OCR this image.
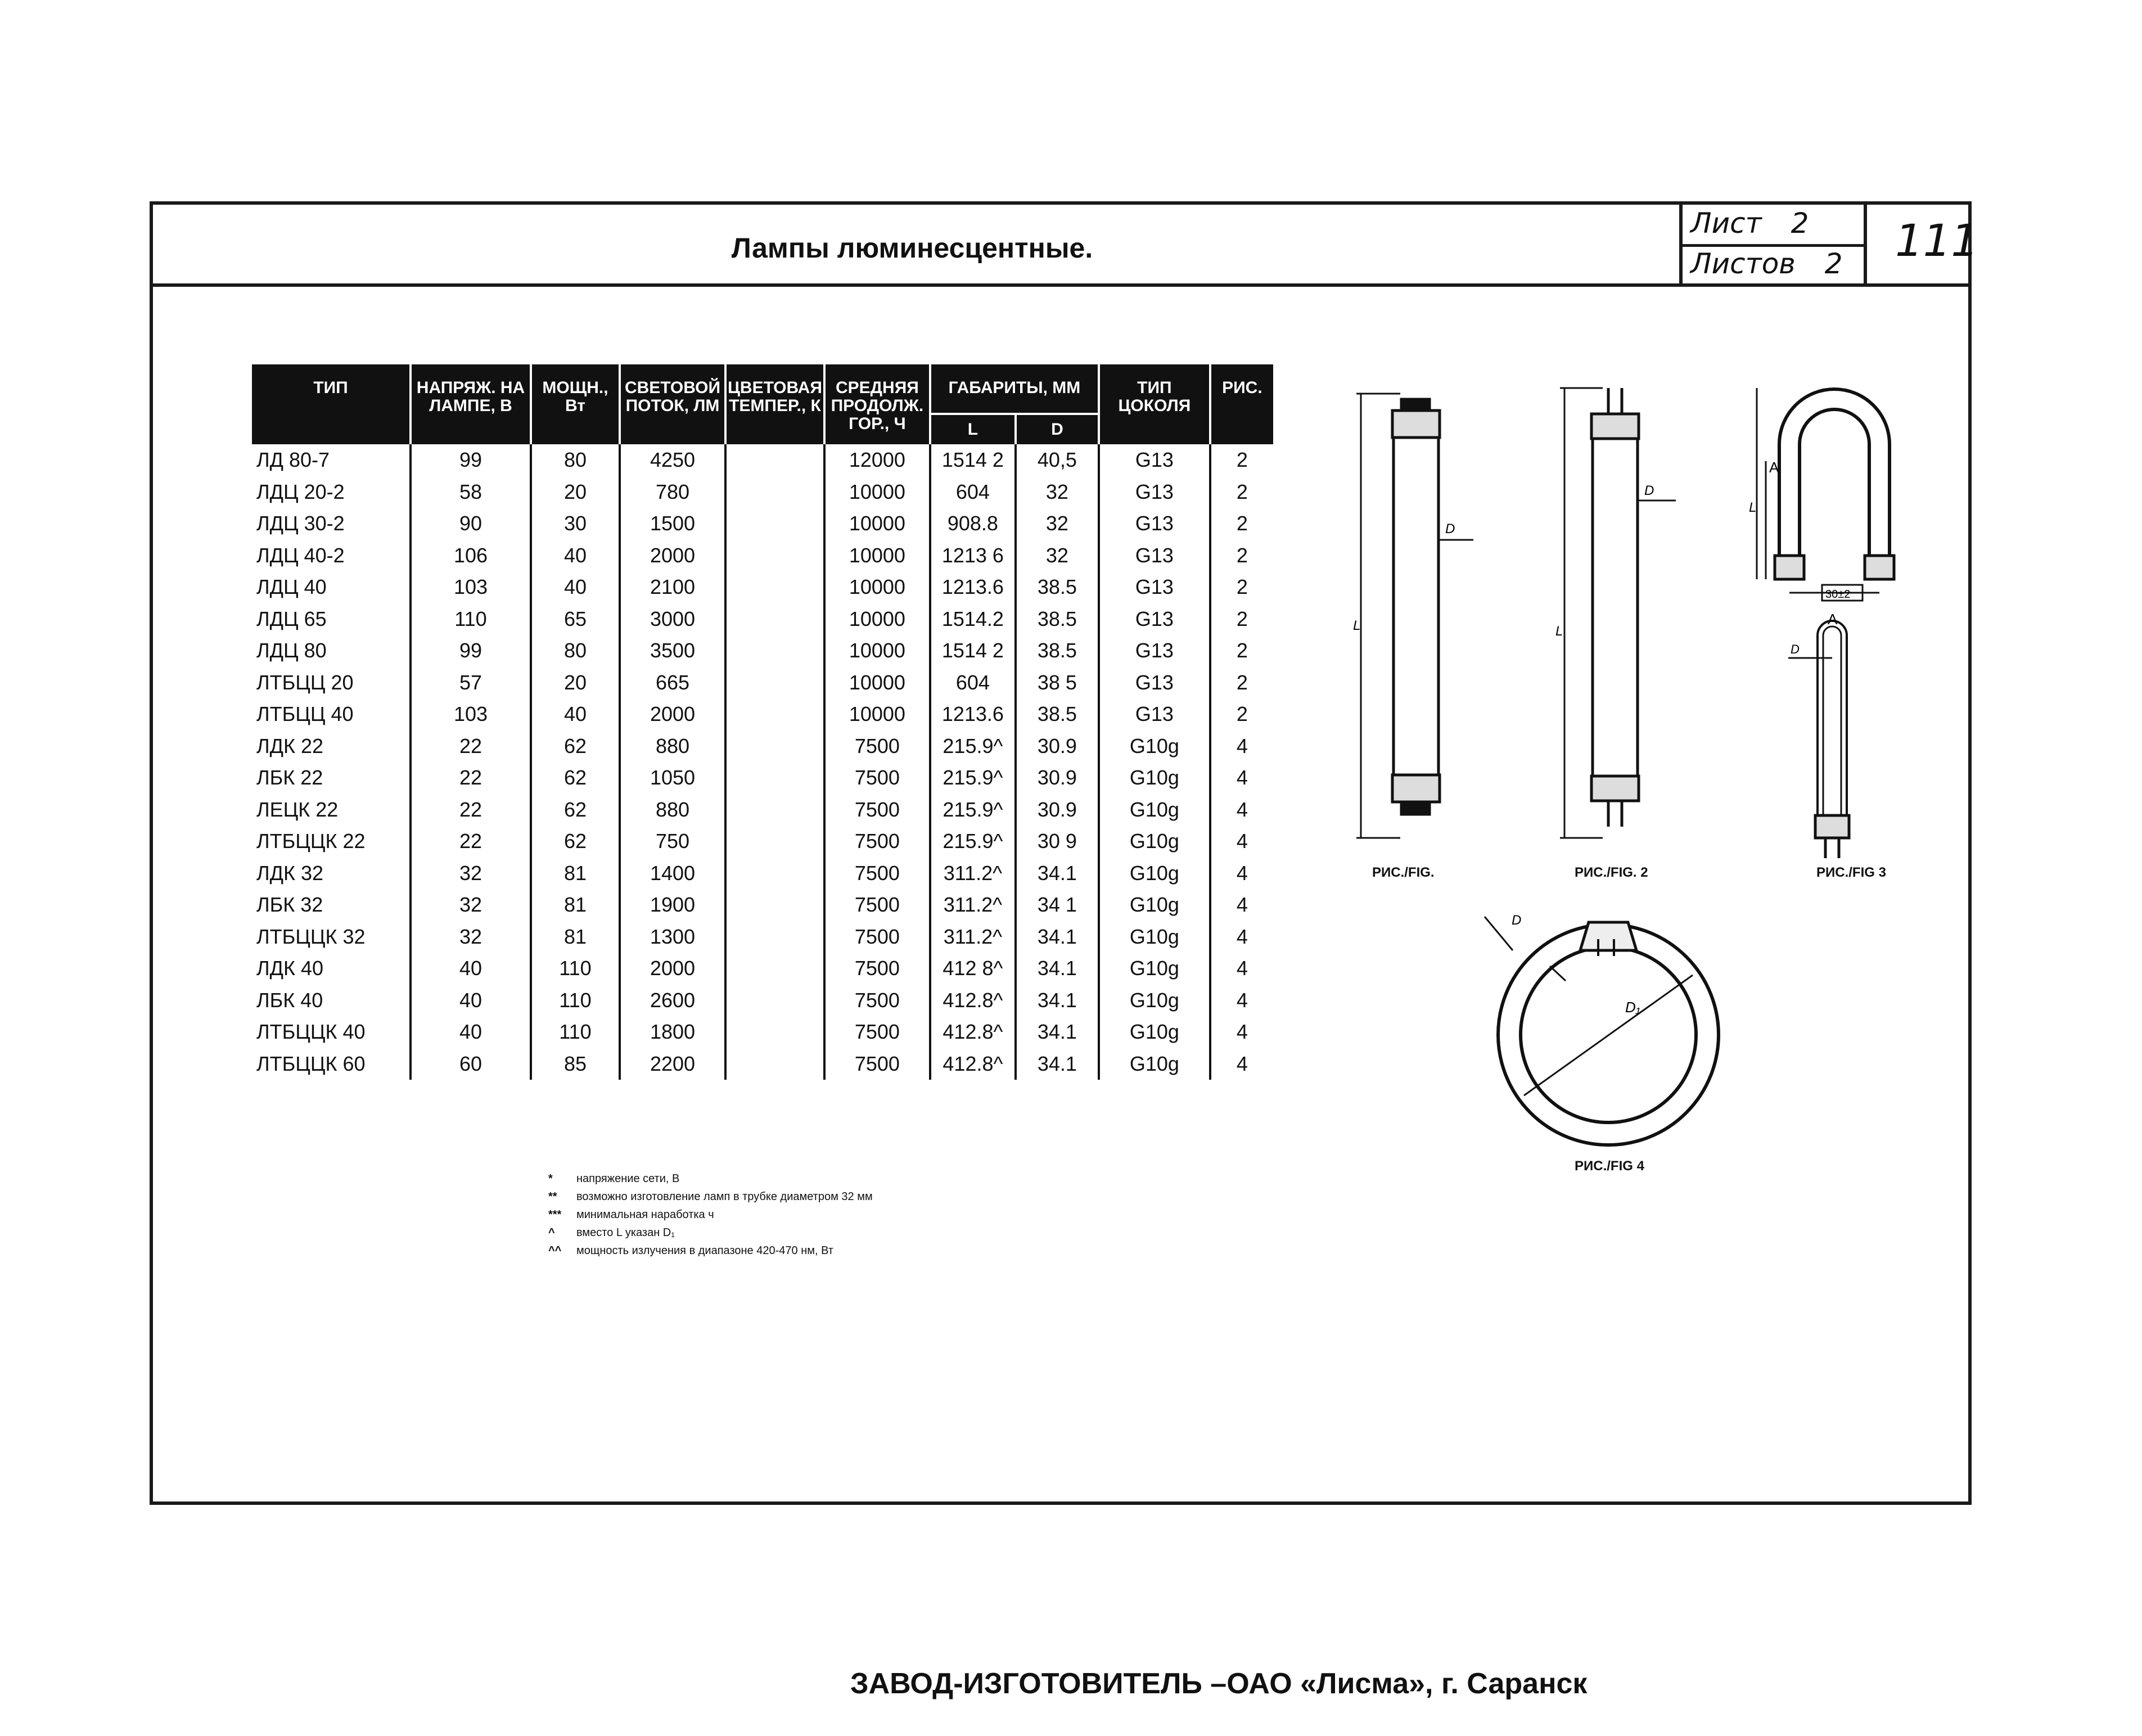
Лампы люминесцентные.
Лист 2
Листов 2 111
ЗАВОД-ИЗГОТОВИТЕЛЬ –ОАО «Лисма», г. Саранск
ТИП	НАПРЯЖ. НА ЛАМПЕ, В	МОЩН., Вт	СВЕТОВОЙ ПОТОК, ЛМ	ЦВЕТОВАЯ ТЕМПЕР., К	СРЕДНЯЯ ПРОДОЛЖ. ГОР., Ч	ГАБАРИТЫ, ММ		ТИП ЦОКОЛЯ	РИС.
						L	D		
ЛД 80-7	99	80	4250		12000	1514 2	40,5	G13	2
ЛДЦ 20-2	58	20	780		10000	604	32	G13	2
ЛДЦ 30-2	90	30	1500		10000	908.8	32	G13	2
ЛДЦ 40-2	106	40	2000		10000	1213 6	32	G13	2
ЛДЦ 40	103	40	2100		10000	1213.6	38.5	G13	2
ЛДЦ 65	110	65	3000		10000	1514.2	38.5	G13	2
ЛДЦ 80	99	80	3500		10000	1514 2	38.5	G13	2
ЛТБЦЦ 20	57	20	665		10000	604	38 5	G13	2
ЛТБЦЦ 40	103	40	2000		10000	1213.6	38.5	G13	2
ЛДК 22	22	62	880		7500	215.9^	30.9	G10g	4
ЛБК 22	22	62	1050		7500	215.9^	30.9	G10g	4
ЛЕЦК 22	22	62	880		7500	215.9^	30.9	G10g	4
ЛТБЦЦК 22	22	62	750		7500	215.9^	30 9	G10g	4
ЛДК 32	32	81	1400		7500	311.2^	34.1	G10g	4
ЛБК 32	32	81	1900		7500	311.2^	34 1	G10g	4
ЛТБЦЦК 32	32	81	1300		7500	311.2^	34.1	G10g	4
ЛДК 40	40	110	2000		7500	412 8^	34.1	G10g	4
ЛБК 40	40	110	2600		7500	412.8^	34.1	G10g	4
ЛТБЦЦК 40	40	110	1800		7500	412.8^	34.1	G10g	4
ЛТБЦЦК 60	60	85	2200		7500	412.8^	34.1	G10g	4
*	напряжение сети, В
**	возможно изготовление ламп в трубке диаметром 32 мм
***	минимальная наработка ч
^	вместо L указан D₁
^^	мощность излучения в диапазоне 420-470 нм, Вт
L
D
РИС./FIG.
L
D
РИС./FIG. 2
A
L
30±2
A
D
РИС./FIG 3
D
D₁
РИС./FIG 4
